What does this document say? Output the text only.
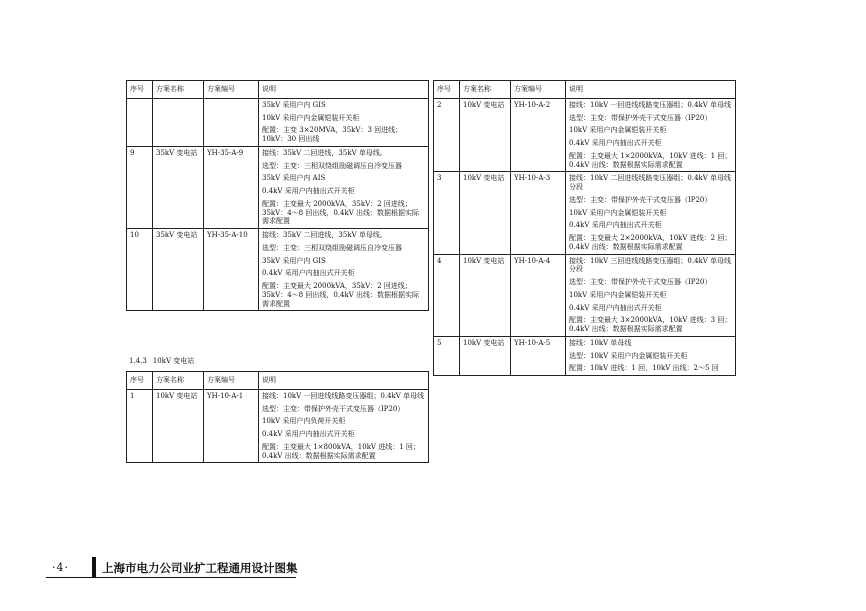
序号	方案名称	方案编号	说明

			35kV 采用户内 GIS
10kV 采用户内金属铠装开关柜
配置：主变 3×20MVA，35kV：3 回进线；10kV：30 回出线

9	35kV 变电站	YH-35-A-9	接线：35kV 二回进线，35kV 单母线。
选型：主变：三相双绕组励磁调压自冷变压器
35kV 采用户内 AIS
0.4kV 采用户内抽出式开关柜
配置：主变最大 2000kVA，35kV：2 回进线；35kV：4～8 回出线，0.4kV 出线：数据根据实际需求配置

10	35kV 变电站	YH-35-A-10	接线：35kV 二回进线，35kV 单母线。
选型：主变：三相双绕组励磁调压自冷变压器
35kV 采用户内 GIS
0.4kV 采用户内抽出式开关柜
配置：主变最大 2000kVA，35kV：2 回进线；35kV：4～8 回出线，0.4kV 出线：数据根据实际需求配置
1.4.3 10kV 变电站
序号	方案名称	方案编号	说明
1	10kV 变电站	YH-10-A-1	接线：10kV 一回进线线路变压器组；0.4kV 单母线
选型：主变：带保护外壳干式变压器（IP20）
10kV 采用户内负荷开关柜
0.4kV 采用户内抽出式开关柜
配置：主变最大 1×800kVA，10kV 进线：1 回；0.4kV 出线：数据根据实际需求配置
序号	方案名称	方案编号	说明
2	10kV 变电站	YH-10-A-2	接线：10kV 一回进线线路变压器组；0.4kV 单母线
选型：主变：带保护外壳干式变压器（IP20）
10kV 采用户内金属铠装开关柜
0.4kV 采用户内抽出式开关柜
配置：主变最大 1×2000kVA，10kV 进线：1 回；0.4kV 出线：数据根据实际需求配置

3	10kV 变电站	YH-10-A-3	接线：10kV 二回进线线路变压器组；0.4kV 单母线分段
选型：主变：带保护外壳干式变压器（IP20）
10kV 采用户内金属铠装开关柜
0.4kV 采用户内抽出式开关柜
配置：主变最大 2×2000kVA，10kV 进线：2 回；0.4kV 出线：数据根据实际需求配置

4	10kV 变电站	YH-10-A-4	接线：10kV 三回进线线路变压器组；0.4kV 单母线分段
选型：主变：带保护外壳干式变压器（IP20）
10kV 采用户内金属铠装开关柜
0.4kV 采用户内抽出式开关柜
配置：主变最大 3×2000kVA，10kV 进线：3 回；0.4kV 出线：数据根据实际需求配置

5	10kV 变电站	YH-10-A-5	接线：10kV 单母线
选型：10kV 采用户内金属铠装开关柜
配置：10kV 进线：1 回，10kV 出线：2～5 回
·4·	上海市电力公司业扩工程通用设计图集
